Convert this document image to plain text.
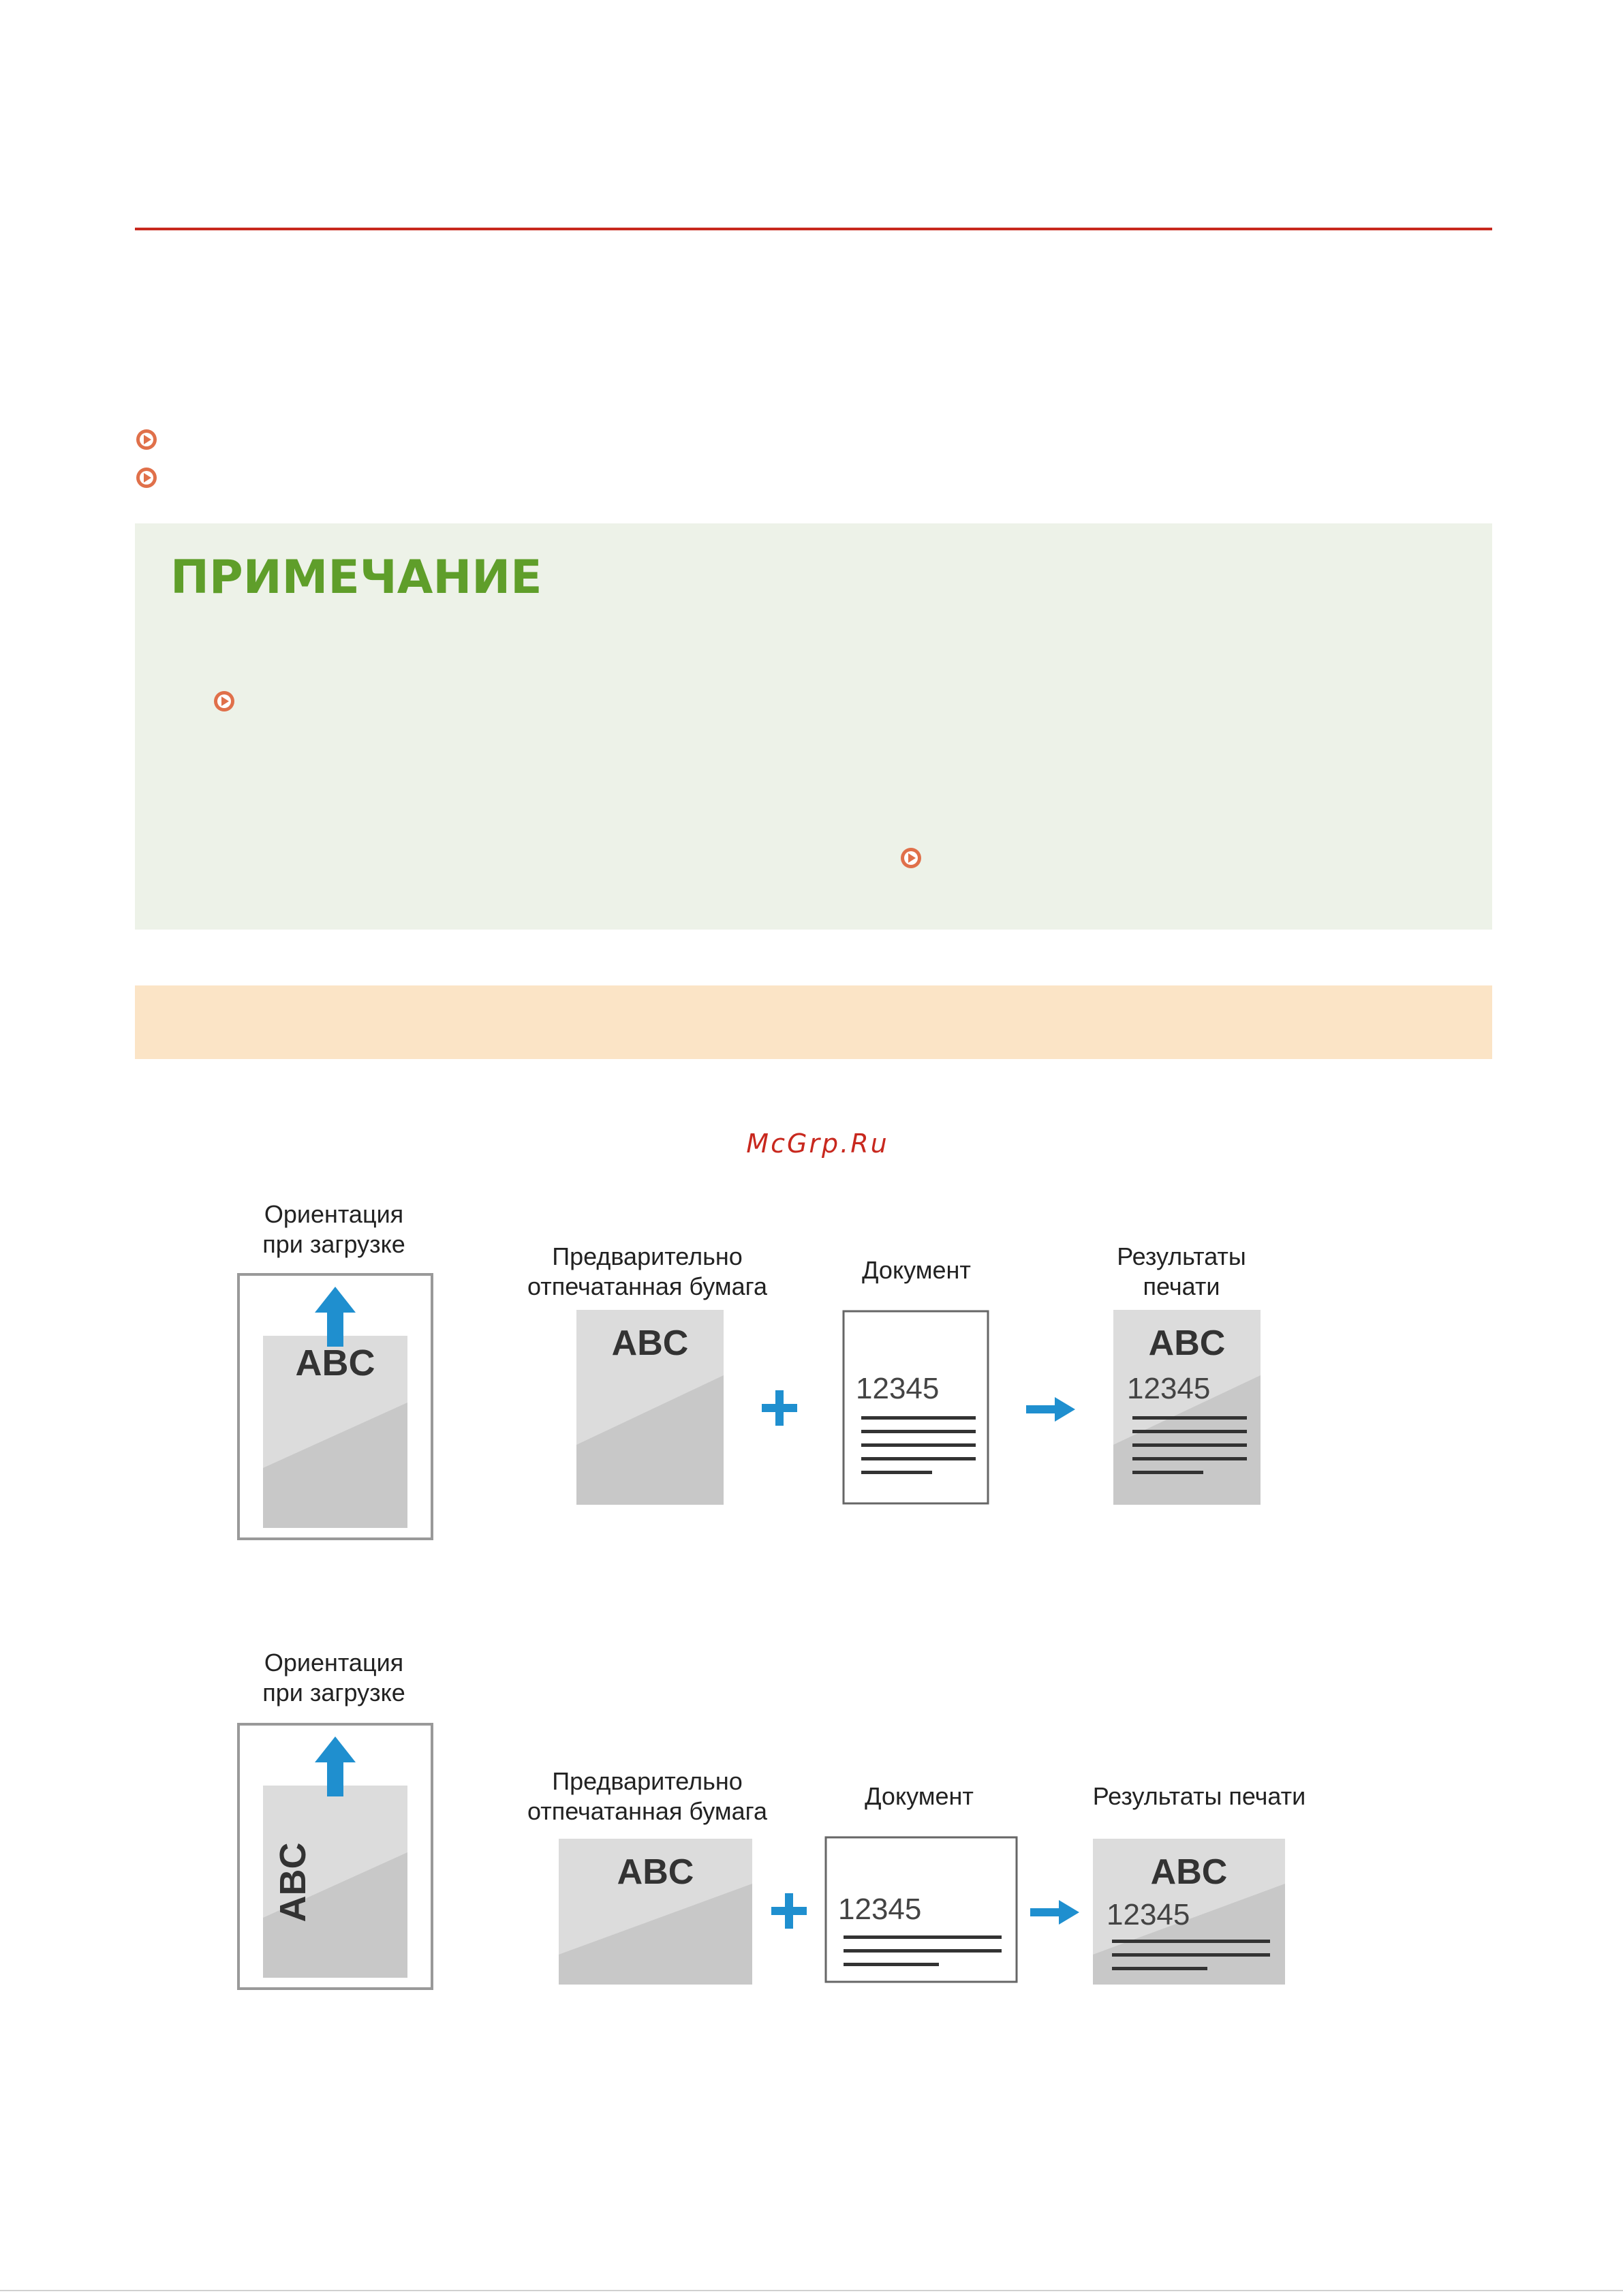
ПРИМЕЧАНИЕ
McGrp.Ru
Ориентация
при загрузке
ABC
Предварительно
отпечатанная бумага
ABC
Документ
12345
Результаты
печати
ABC
12345
Ориентация
при загрузке
ABC
Предварительно
отпечатанная бумага
ABC
Документ
12345
Результаты печати
ABC
12345
